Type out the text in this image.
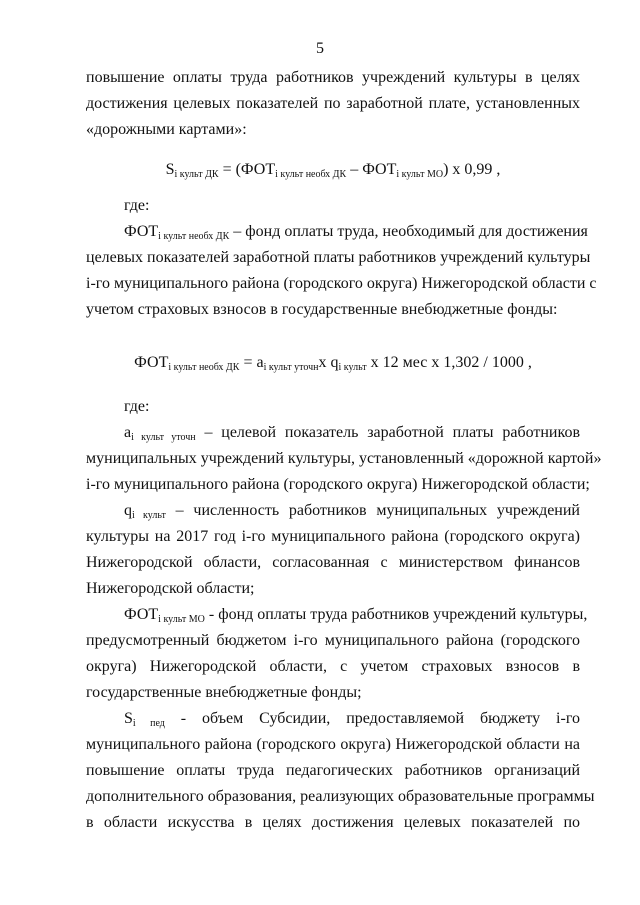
5
повышение оплаты труда работников учреждений культуры в целях
достижения целевых показателей по заработной плате, установленных
«дорожными картами»:
$S_{i культ ДК} = (ФОТ_{i культ необх ДК} - ФОТ_{i культ МО})$ х 0,99 ,
где:
$ФОТ_{i культ необх ДК}$ – фонд оплаты труда, необходимый для достижения
целевых показателей заработной платы работников учреждений культуры
i-го муниципального района (городского округа) Нижегородской области с
учетом страховых взносов в государственные внебюджетные фонды:
$ФОТ_{i культ необх ДК} = a_{i культ уточн}х$ $q_{i культ}$ х 12 мес х 1,302 / 1000 ,
где:
$a_{i культ уточн}$ – целевой показатель заработной платы работников
муниципальных учреждений культуры, установленный «дорожной картой»
i-го муниципального района (городского округа) Нижегородской области;
$q_{i культ}$ – численность работников муниципальных учреждений
культуры на 2017 год i-го муниципального района (городского округа)
Нижегородской области, согласованная с министерством финансов
Нижегородской области;
$ФОТ_{i культ МО}$ - фонд оплаты труда работников учреждений культуры,
предусмотренный бюджетом i-го муниципального района (городского
округа) Нижегородской области, с учетом страховых взносов в
государственные внебюджетные фонды;
$S_{i пед}$ - объем Субсидии, предоставляемой бюджету i-го
муниципального района (городского округа) Нижегородской области на
повышение оплаты труда педагогических работников организаций
дополнительного образования, реализующих образовательные программы
в области искусства в целях достижения целевых показателей по
